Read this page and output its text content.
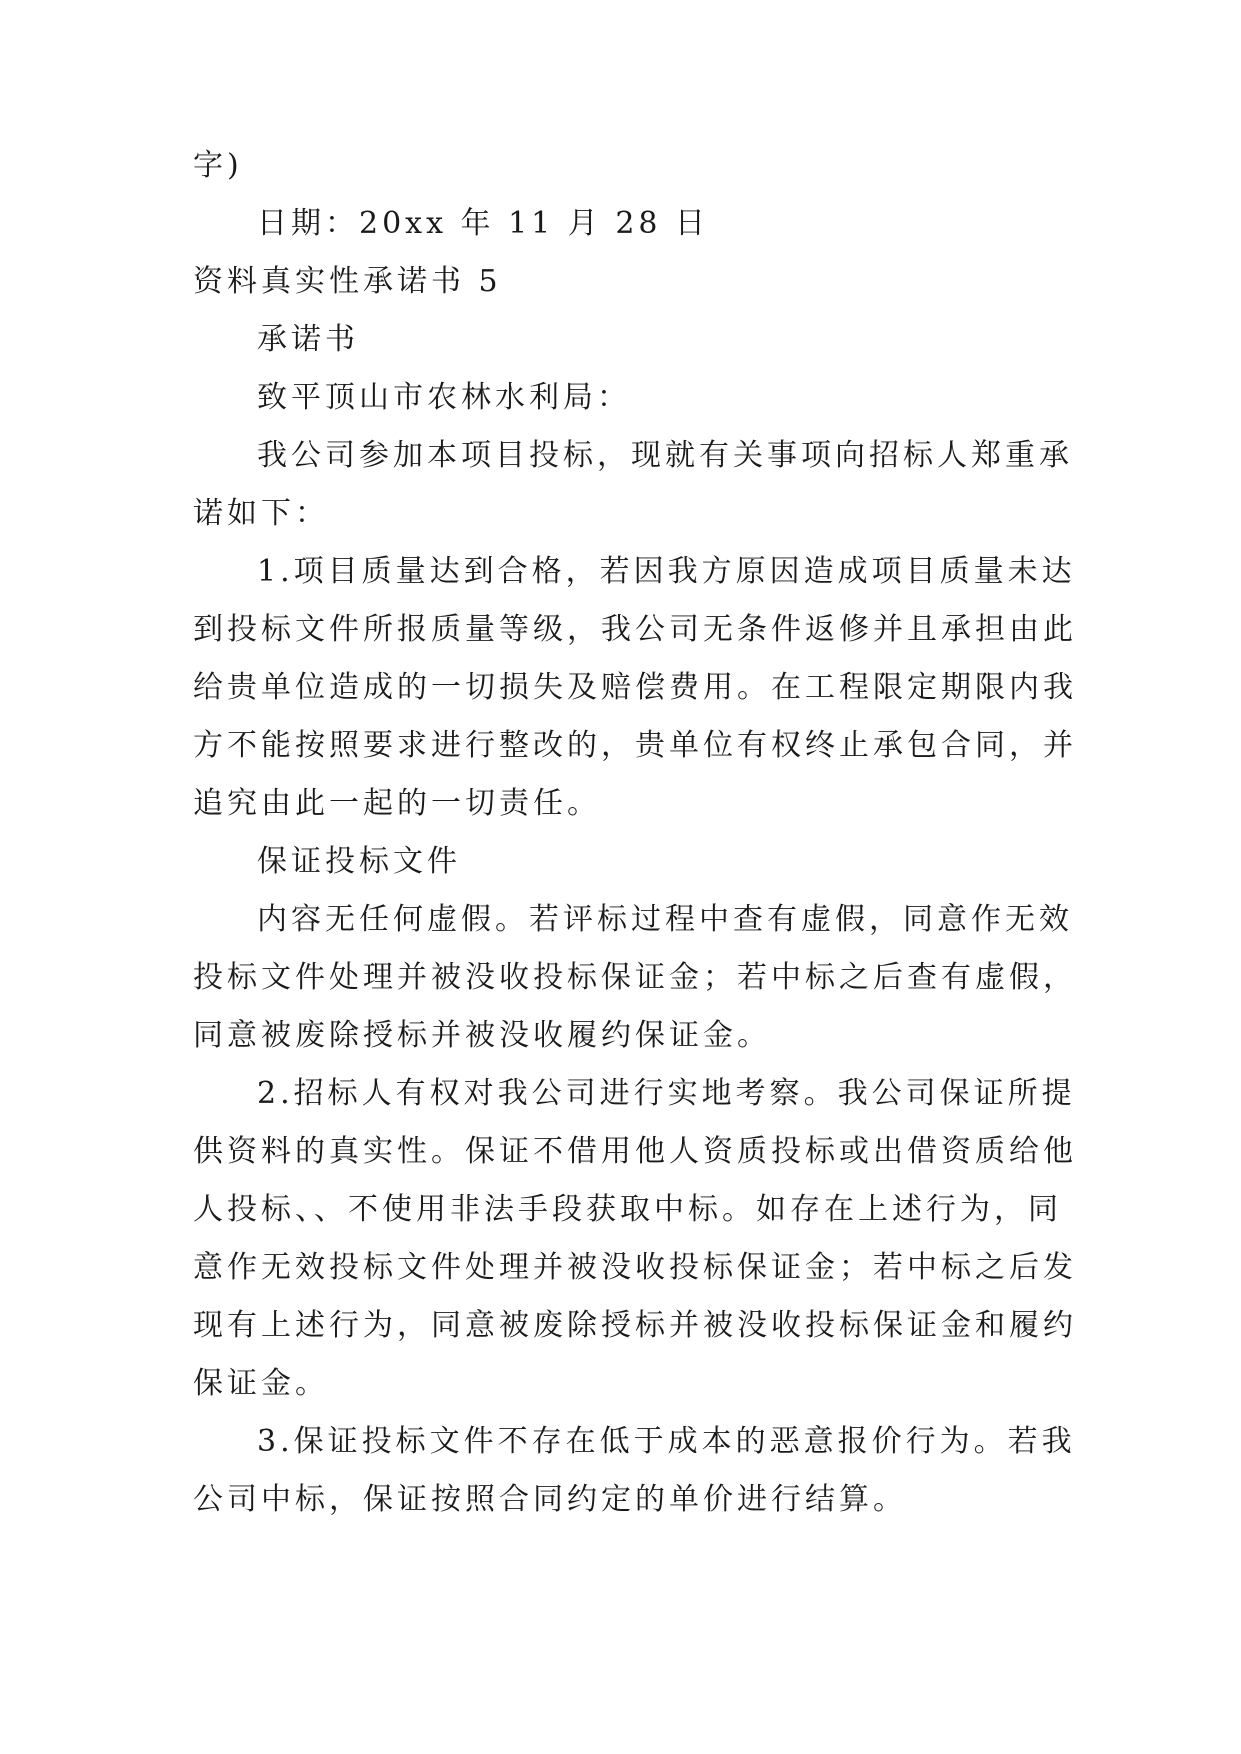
字)

日期：20xx 年 11 月 28 日

资料真实性承诺书 5

承诺书

致平顶山市农林水利局：

我公司参加本项目投标，现就有关事项向招标人郑重承

诺如下：

1.项目质量达到合格，若因我方原因造成项目质量未达

到投标文件所报质量等级，我公司无条件返修并且承担由此

给贵单位造成的一切损失及赔偿费用。在工程限定期限内我

方不能按照要求进行整改的，贵单位有权终止承包合同，并

追究由此一起的一切责任。

保证投标文件

内容无任何虚假。若评标过程中查有虚假，同意作无效

投标文件处理并被没收投标保证金；若中标之后查有虚假，

同意被废除授标并被没收履约保证金。

2.招标人有权对我公司进行实地考察。我公司保证所提

供资料的真实性。保证不借用他人资质投标或出借资质给他

人投标、、不使用非法手段获取中标。如存在上述行为，同

意作无效投标文件处理并被没收投标保证金；若中标之后发

现有上述行为，同意被废除授标并被没收投标保证金和履约

保证金。

3.保证投标文件不存在低于成本的恶意报价行为。若我

公司中标，保证按照合同约定的单价进行结算。
